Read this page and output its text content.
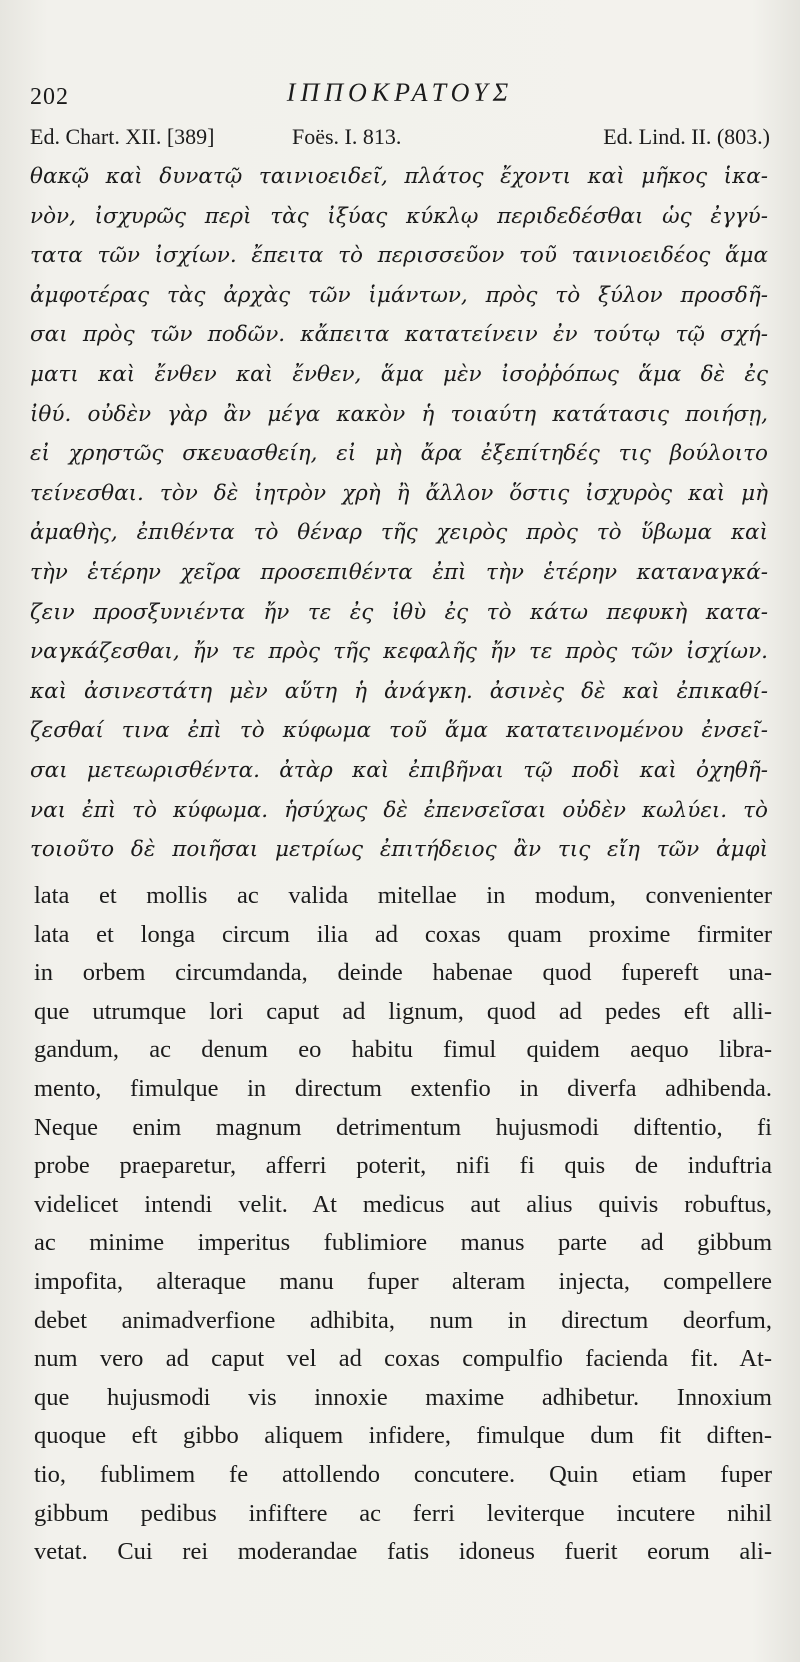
202	ΙΠΠΟΚΡΑΤΟΥΣ
Ed. Chart. XII. [389]	Foës. I. 813.	Ed. Lind. II. (803.)
θακῷ καὶ δυνατῷ ταινιοειδεῖ, πλάτος ἔχοντι καὶ μῆκος ἱκα-
νὸν, ἰσχυρῶς περὶ τὰς ἰξύας κύκλῳ περιδεδέσθαι ὡς ἐγγύ-
τατα τῶν ἰσχίων. ἔπειτα τὸ περισσεῦον τοῦ ταινιοειδέος ἅμα
ἀμφοτέρας τὰς ἀρχὰς τῶν ἱμάντων, πρὸς τὸ ξύλον προσδῆ-
σαι πρὸς τῶν ποδῶν. κἄπειτα κατατείνειν ἐν τούτῳ τῷ σχή-
ματι καὶ ἔνθεν καὶ ἔνθεν, ἅμα μὲν ἰσοῤῥόπως ἅμα δὲ ἐς
ἰθύ. οὐδὲν γὰρ ἂν μέγα κακὸν ἡ τοιαύτη κατάτασις ποιήσῃ,
εἰ χρηστῶς σκευασθείη, εἰ μὴ ἄρα ἐξεπίτηδές τις βούλοιτο
τείνεσθαι. τὸν δὲ ἰητρὸν χρὴ ἢ ἄλλον ὅστις ἰσχυρὸς καὶ μὴ
ἀμαθὴς, ἐπιθέντα τὸ θέναρ τῆς χειρὸς πρὸς τὸ ὕβωμα καὶ
τὴν ἑτέρην χεῖρα προσεπιθέντα ἐπὶ τὴν ἑτέρην καταναγκά-
ζειν προσξυνιέντα ἤν τε ἐς ἰθὺ ἐς τὸ κάτω πεφυκὴ κατα-
ναγκάζεσθαι, ἤν τε πρὸς τῆς κεφαλῆς ἤν τε πρὸς τῶν ἰσχίων.
καὶ ἀσινεστάτη μὲν αὕτη ἡ ἀνάγκη. ἀσινὲς δὲ καὶ ἐπικαθί-
ζεσθαί τινα ἐπὶ τὸ κύφωμα τοῦ ἅμα κατατεινομένου ἐνσεῖ-
σαι μετεωρισθέντα. ἀτὰρ καὶ ἐπιβῆναι τῷ ποδὶ καὶ ὀχηθῆ-
ναι ἐπὶ τὸ κύφωμα. ἡσύχως δὲ ἐπενσεῖσαι οὐδὲν κωλύει. τὸ
τοιοῦτο δὲ ποιῆσαι μετρίως ἐπιτήδειος ἂν τις εἴη τῶν ἀμφὶ
lata et mollis ac valida mitellae in modum, convenienter
lata et longa circum ilia ad coxas quam proxime firmiter
in orbem circumdanda, deinde habenae quod fupereft una-
que utrumque lori caput ad lignum, quod ad pedes eft alli-
gandum, ac denum eo habitu fimul quidem aequo libra-
mento, fimulque in directum extenfio in diverfa adhibenda.
Neque enim magnum detrimentum hujusmodi diftentio, fi
probe praeparetur, afferri poterit, nifi fi quis de induftria
videlicet intendi velit. At medicus aut alius quivis robuftus,
ac minime imperitus fublimiore manus parte ad gibbum
impofita, alteraque manu fuper alteram injecta, compellere
debet animadverfione adhibita, num in directum deorfum,
num vero ad caput vel ad coxas compulfio facienda fit. At-
que hujusmodi vis innoxie maxime adhibetur. Innoxium
quoque eft gibbo aliquem infidere, fimulque dum fit diften-
tio, fublimem fe attollendo concutere. Quin etiam fuper
gibbum pedibus infiftere ac ferri leviterque incutere nihil
vetat. Cui rei moderandae fatis idoneus fuerit eorum ali-
